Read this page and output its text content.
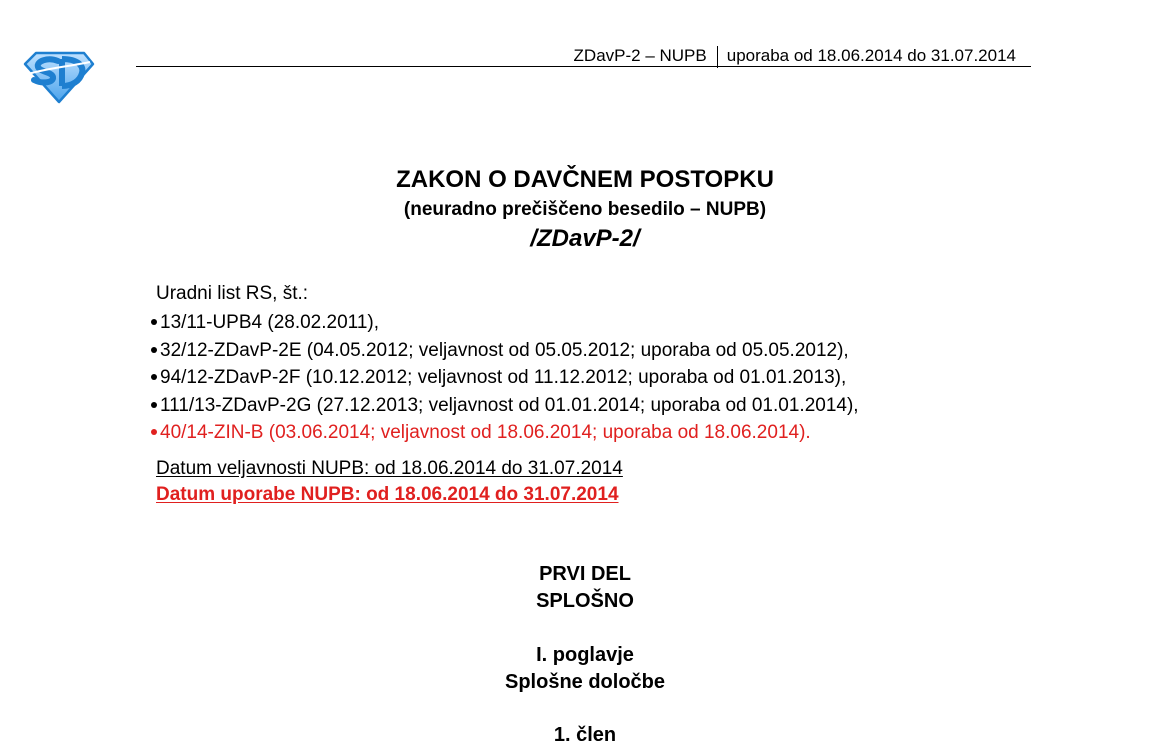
ZDavP-2 – NUPB uporaba od 18.06.2014 do 31.07.2014
ZAKON O DAVČNEM POSTOPKU
(neuradno prečiščeno besedilo – NUPB)
/ZDavP-2/
Uradni list RS, št.:
13/11-UPB4 (28.02.2011),
32/12-ZDavP-2E (04.05.2012; veljavnost od 05.05.2012; uporaba od 05.05.2012),
94/12-ZDavP-2F (10.12.2012; veljavnost od 11.12.2012; uporaba od 01.01.2013),
111/13-ZDavP-2G (27.12.2013; veljavnost od 01.01.2014; uporaba od 01.01.2014),
40/14-ZIN-B (03.06.2014; veljavnost od 18.06.2014; uporaba od 18.06.2014).
Datum veljavnosti NUPB: od 18.06.2014 do 31.07.2014
Datum uporabe NUPB: od 18.06.2014 do 31.07.2014
PRVI DEL
SPLOŠNO
I. poglavje
Splošne določbe
1. člen
